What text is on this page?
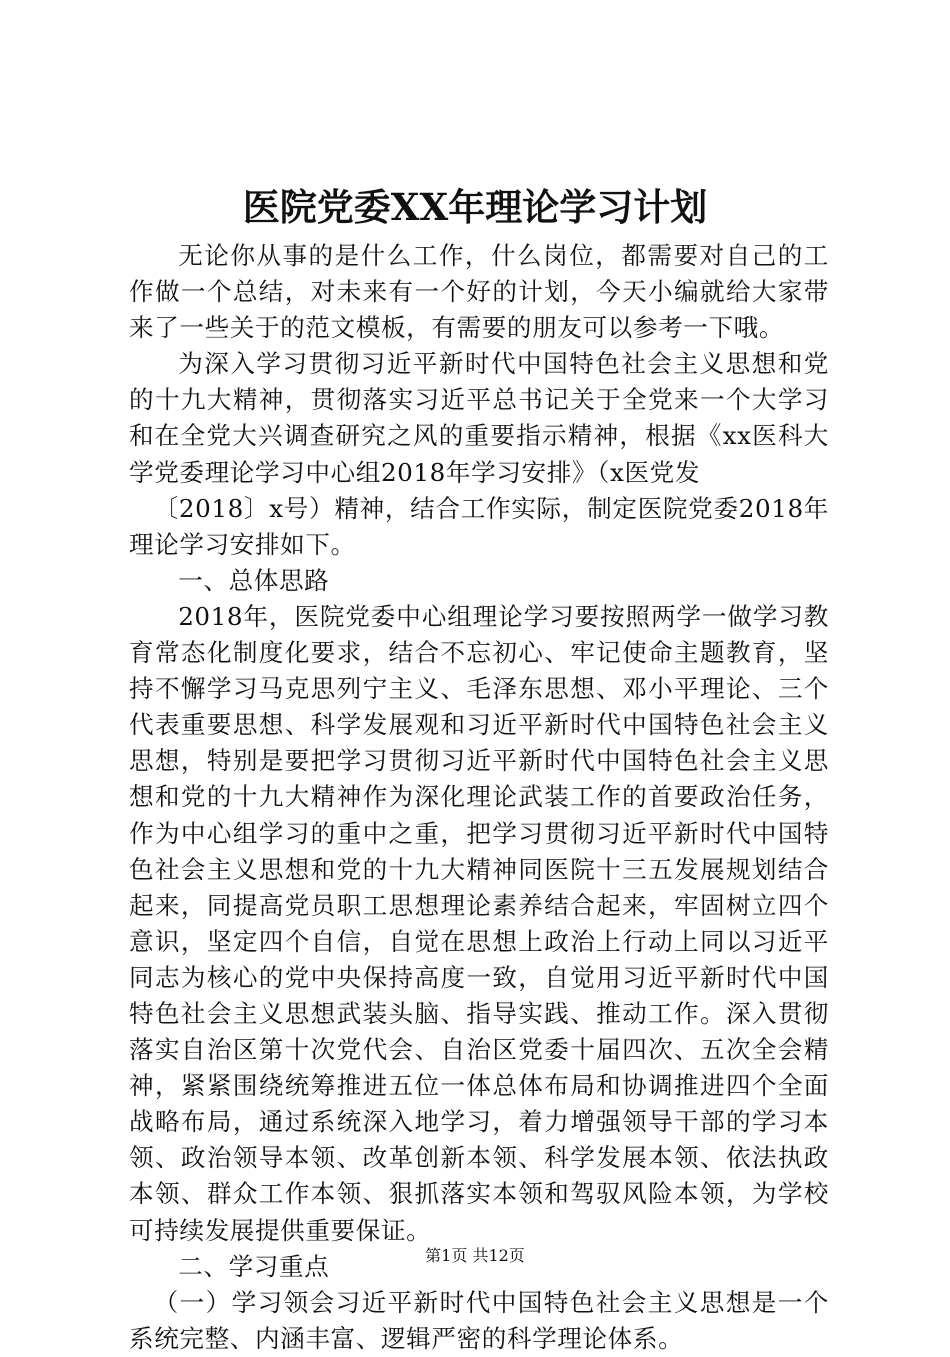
医院党委XX年理论学习计划

无论你从事的是什么工作，什么岗位，都需要对自己的工作做一个总结，对未来有一个好的计划，今天小编就给大家带来了一些关于的范文模板，有需要的朋友可以参考一下哦。

为深入学习贯彻习近平新时代中国特色社会主义思想和党的十九大精神，贯彻落实习近平总书记关于全党来一个大学习和在全党大兴调查研究之风的重要指示精神，根据《xx医科大学党委理论学习中心组2018年学习安排》（x医党发

〔2018〕x号）精神，结合工作实际，制定医院党委2018年理论学习安排如下。

一、总体思路

2018年，医院党委中心组理论学习要按照两学一做学习教育常态化制度化要求，结合不忘初心、牢记使命主题教育，坚持不懈学习马克思列宁主义、毛泽东思想、邓小平理论、三个代表重要思想、科学发展观和习近平新时代中国特色社会主义思想，特别是要把学习贯彻习近平新时代中国特色社会主义思想和党的十九大精神作为深化理论武装工作的首要政治任务，作为中心组学习的重中之重，把学习贯彻习近平新时代中国特色社会主义思想和党的十九大精神同医院十三五发展规划结合起来，同提高党员职工思想理论素养结合起来，牢固树立四个意识，坚定四个自信，自觉在思想上政治上行动上同以习近平同志为核心的党中央保持高度一致，自觉用习近平新时代中国特色社会主义思想武装头脑、指导实践、推动工作。深入贯彻落实自治区第十次党代会、自治区党委十届四次、五次全会精神，紧紧围绕统筹推进五位一体总体布局和协调推进四个全面战略布局，通过系统深入地学习，着力增强领导干部的学习本领、政治领导本领、改革创新本领、科学发展本领、依法执政本领、群众工作本领、狠抓落实本领和驾驭风险本领，为学校可持续发展提供重要保证。

二、学习重点

（一）学习领会习近平新时代中国特色社会主义思想是一个系统完整、内涵丰富、逻辑严密的科学理论体系。

第1页 共12页
